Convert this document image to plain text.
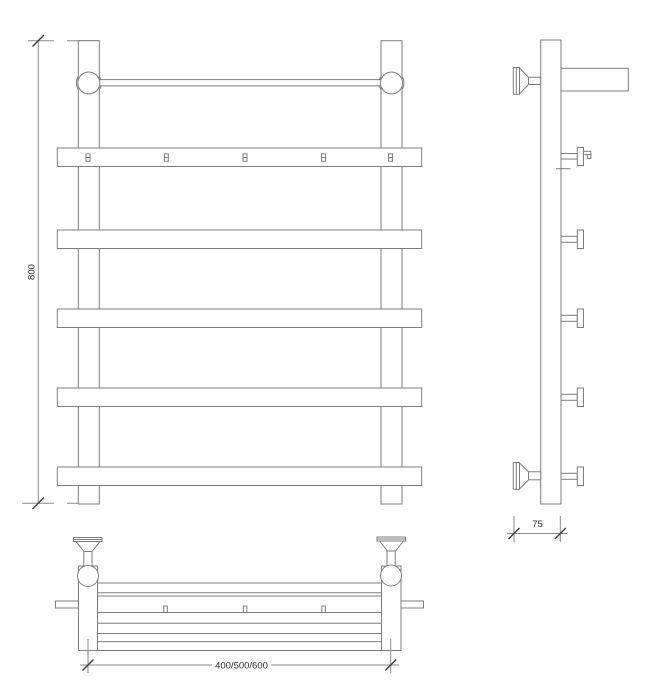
800
75
400/500/600
